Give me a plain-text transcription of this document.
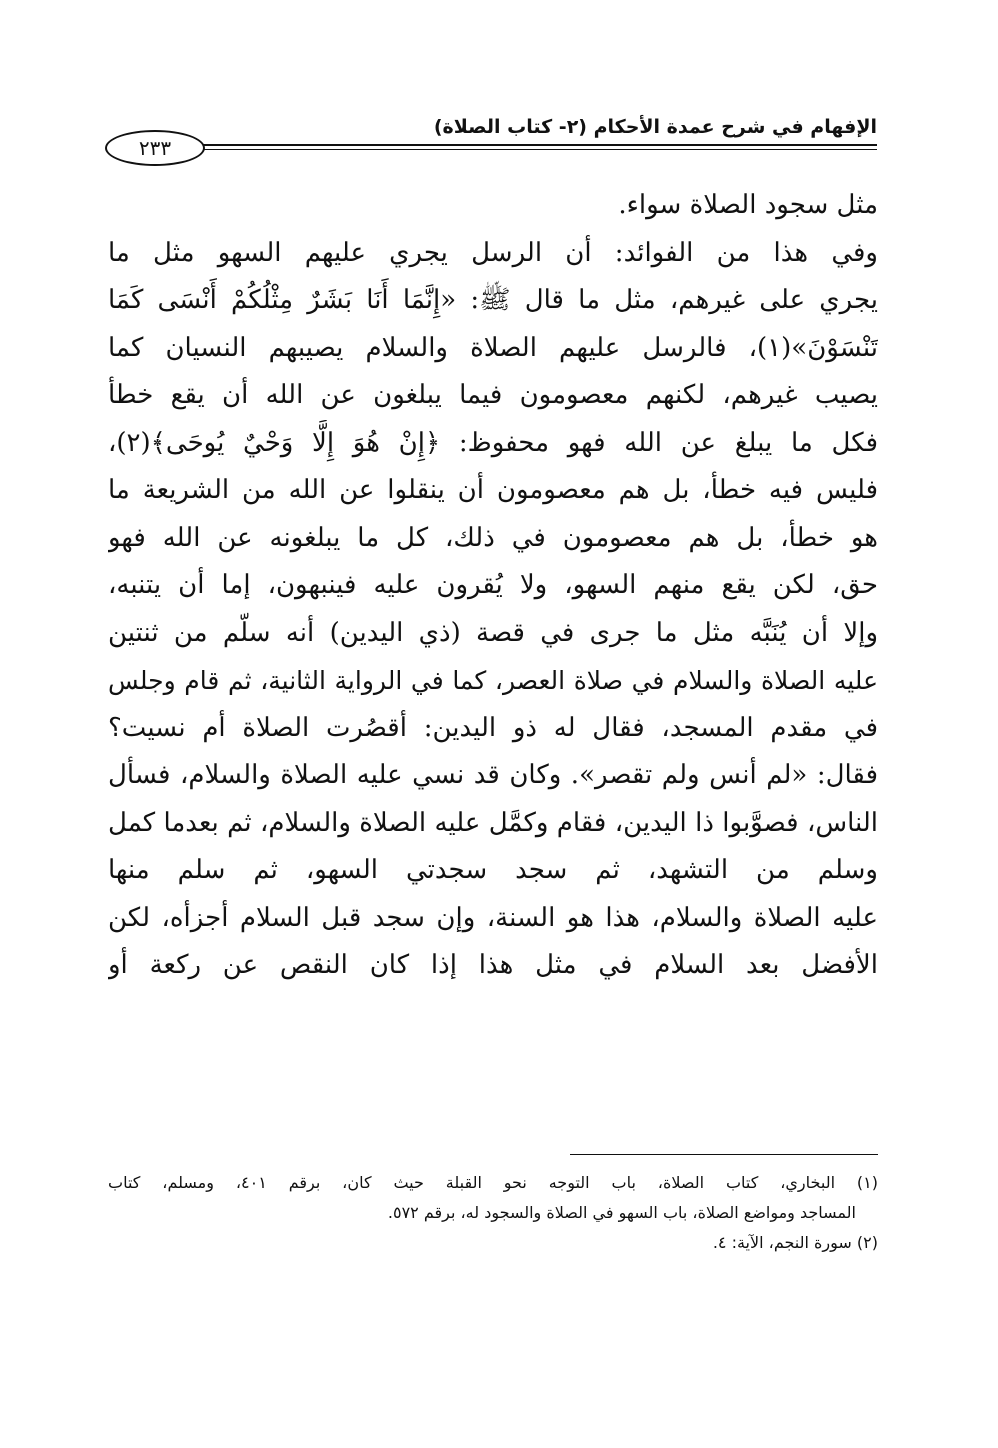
الإفهام في شرح عمدة الأحكام (٢- كتاب الصلاة)
٢٣٣
مثل سجود الصلاة سواء.
وفي هذا من الفوائد: أن الرسل يجري عليهم السهو مثل ما
يجري على غيرهم، مثل ما قال ﷺ: «إِنَّمَا أَنَا بَشَرٌ مِثْلُكُمْ أَنْسَى كَمَا
تَنْسَوْنَ»(١)، فالرسل عليهم الصلاة والسلام يصيبهم النسيان كما
يصيب غيرهم، لكنهم معصومون فيما يبلغون عن الله أن يقع خطأ
فكل ما يبلغ عن الله فهو محفوظ: ﴿إِنْ هُوَ إِلَّا وَحْيٌ يُوحَى﴾(٢)،
فليس فيه خطأ، بل هم معصومون أن ينقلوا عن الله من الشريعة ما
هو خطأ، بل هم معصومون في ذلك، كل ما يبلغونه عن الله فهو
حق، لكن يقع منهم السهو، ولا يُقرون عليه فينبهون، إما أن يتنبه،
وإلا أن يُنَبَّه مثل ما جرى في قصة (ذي اليدين) أنه سلّم من ثنتين
عليه الصلاة والسلام في صلاة العصر، كما في الرواية الثانية، ثم قام وجلس
في مقدم المسجد، فقال له ذو اليدين: أقصُرت الصلاة أم نسيت؟
فقال: «لم أنس ولم تقصر». وكان قد نسي عليه الصلاة والسلام، فسأل
الناس، فصوَّبوا ذا اليدين، فقام وكمَّل عليه الصلاة والسلام، ثم بعدما كمل
وسلم من التشهد، ثم سجد سجدتي السهو، ثم سلم منها
عليه الصلاة والسلام، هذا هو السنة، وإن سجد قبل السلام أجزأه، لكن
الأفضل بعد السلام في مثل هذا إذا كان النقص عن ركعة أو
(١) البخاري، كتاب الصلاة، باب التوجه نحو القبلة حيث كان، برقم ٤٠١، ومسلم، كتاب
المساجد ومواضع الصلاة، باب السهو في الصلاة والسجود له، برقم ٥٧٢.
(٢) سورة النجم، الآية: ٤.
